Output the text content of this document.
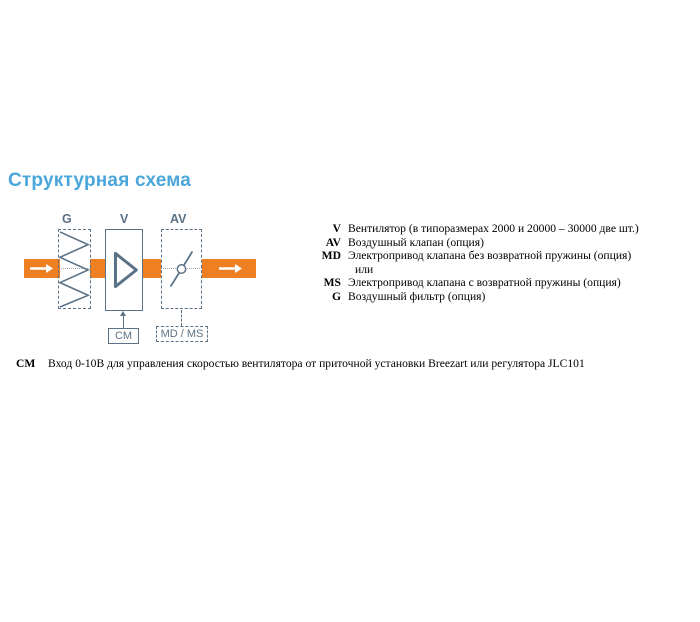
Структурная схема
G	V	AV
CM	MD / MS
V Вентилятор (в типоразмерах 2000 и 20000 – 30000 две шт.)
AV Воздушный клапан (опция)
MD Электропривод клапана без возвратной пружины (опция)
или
MS Электропривод клапана с возвратной пружины (опция)
G Воздушный фильтр (опция)
CM	Вход 0-10В для управления скоростью вентилятора от приточной установки Breezart или регулятора JLC101
